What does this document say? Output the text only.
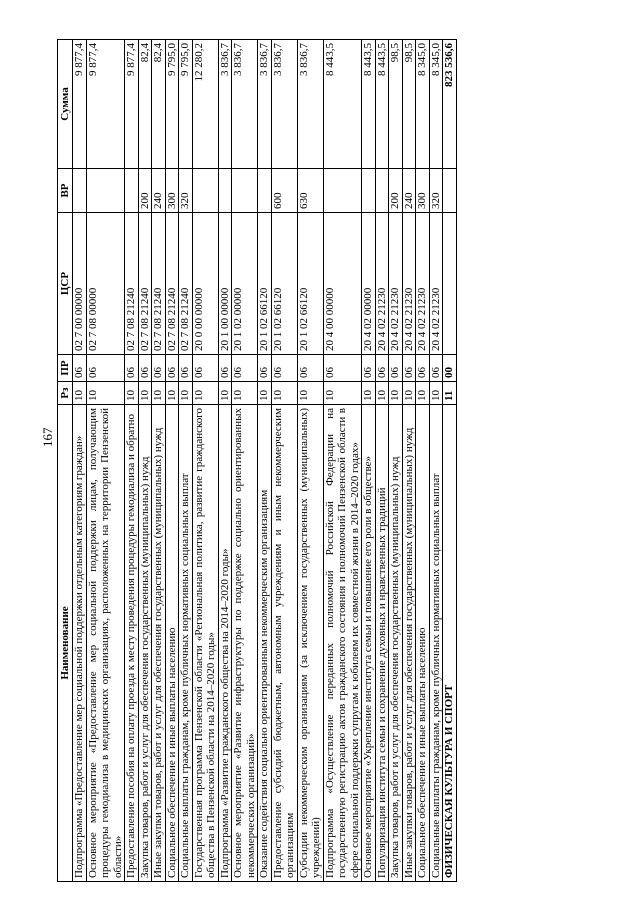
167
Наименование	Рз	ПР	ЦСР	ВР	Сумма
Подпрограмма «Предоставление мер социальной поддержки отдельным категориям граждан»	10	06	02 7 00 00000		9 877,4
Основное мероприятие «Предоставление мер социальной поддержки лицам, получающим процедуры гемодиализа в медицинских организациях, расположенных на территории Пензенской области»	10	06	02 7 08 00000		9 877,4
Предоставление пособия на оплату проезда к месту проведения процедуры гемодиализа и обратно	10	06	02 7 08 21240		9 877,4
Закупка товаров, работ и услуг для обеспечения государственных (муниципальных) нужд	10	06	02 7 08 21240	200	82,4
Иные закупки товаров, работ и услуг для обеспечения государственных (муниципальных) нужд	10	06	02 7 08 21240	240	82,4
Социальное обеспечение и иные выплаты населению	10	06	02 7 08 21240	300	9 795,0
Социальные выплаты гражданам, кроме публичных нормативных социальных выплат	10	06	02 7 08 21240	320	9 795,0
Государственная программа Пензенской области «Региональная политика, развитие гражданского общества в Пензенской области на 2014–2020 годы»	10	06	20 0 00 00000		12 280,2
Подпрограмма «Развитие гражданского общества на 2014–2020 годы»	10	06	20 1 00 00000		3 836,7
Основное мероприятие «Развитие инфраструктуры по поддержке социально ориентированных некоммерческих организаций»	10	06	20 1 02 00000		3 836,7
Оказание содействия социально ориентированным некоммерческим организациям	10	06	20 1 02 66120		3 836,7
Предоставление субсидий бюджетным, автономным учреждениям и иным некоммерческим организациям	10	06	20 1 02 66120	600	3 836,7
Субсидии некоммерческим организациям (за исключением государственных (муниципальных) учреждений)	10	06	20 1 02 66120	630	3 836,7
Подпрограмма «Осуществление переданных полномочий Российской Федерации на государственную регистрацию актов гражданского состояния и полномочий Пензенской области в сфере социальной поддержки супругам к юбилеям их совместной жизни в 2014–2020 годах»	10	06	20 4 00 00000		8 443,5
Основное мероприятие «Укрепление института семьи и повышение его роли в обществе»	10	06	20 4 02 00000		8 443,5
Популяризация института семьи и сохранение духовных и нравственных традиций	10	06	20 4 02 21230		8 443,5
Закупка товаров, работ и услуг для обеспечения государственных (муниципальных) нужд	10	06	20 4 02 21230	200	98,5
Иные закупки товаров, работ и услуг для обеспечения государственных (муниципальных) нужд	10	06	20 4 02 21230	240	98,5
Социальное обеспечение и иные выплаты населению	10	06	20 4 02 21230	300	8 345,0
Социальные выплаты гражданам, кроме публичных нормативных социальных выплат	10	06	20 4 02 21230	320	8 345,0
ФИЗИЧЕСКАЯ КУЛЬТУРА И СПОРТ	11	00			823 536,6
